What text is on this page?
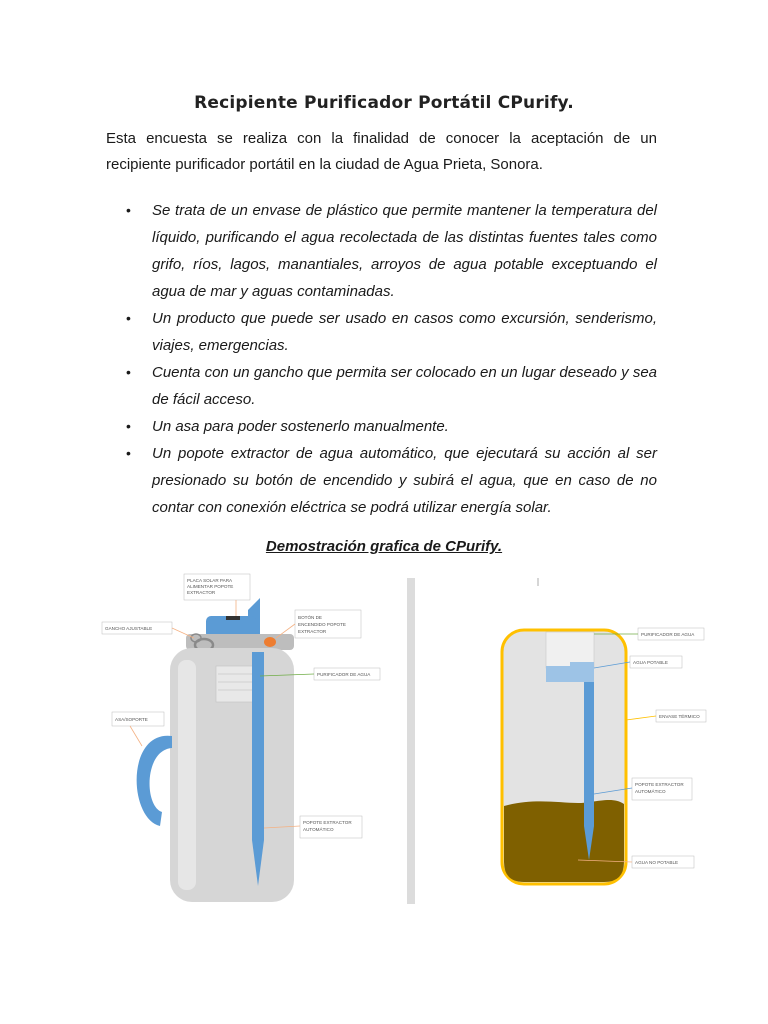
Recipiente Purificador Portátil CPurify.
Esta encuesta se realiza con la finalidad de conocer la aceptación de un
recipiente purificador portátil en la ciudad de Agua Prieta, Sonora.
• Se trata de un envase de plástico que permite mantener la temperatura del líquido, purificando el agua recolectada de las distintas fuentes tales como grifo, ríos, lagos, manantiales, arroyos de agua potable exceptuando el agua de mar y aguas contaminadas.
• Un producto que puede ser usado en casos como excursión, senderismo, viajes, emergencias.
• Cuenta con un gancho que permita ser colocado en un lugar deseado y sea de fácil acceso.
• Un asa para poder sostenerlo manualmente.
• Un popote extractor de agua automático, que ejecutará su acción al ser presionado su botón de encendido y subirá el agua, que en caso de no contar con conexión eléctrica se podrá utilizar energía solar.
Demostración grafica de CPurify.
PLACA SOLAR PARA
ALIMENTAR POPOTE
EXTRACTOR
BOTÓN DE
ENCENDIDO POPOTE
EXTRACTOR
GANCHO AJUSTABLE
PURIFICADOR DE AGUA
ASA/SOPORTE
POPOTE EXTRACTOR
AUTOMÁTICO
PURIFICADOR DE AGUA
AGUA POTABLE
ENVASE TÉRMICO
POPOTE EXTRACTOR
AUTOMÁTICO
AGUA NO POTABLE
